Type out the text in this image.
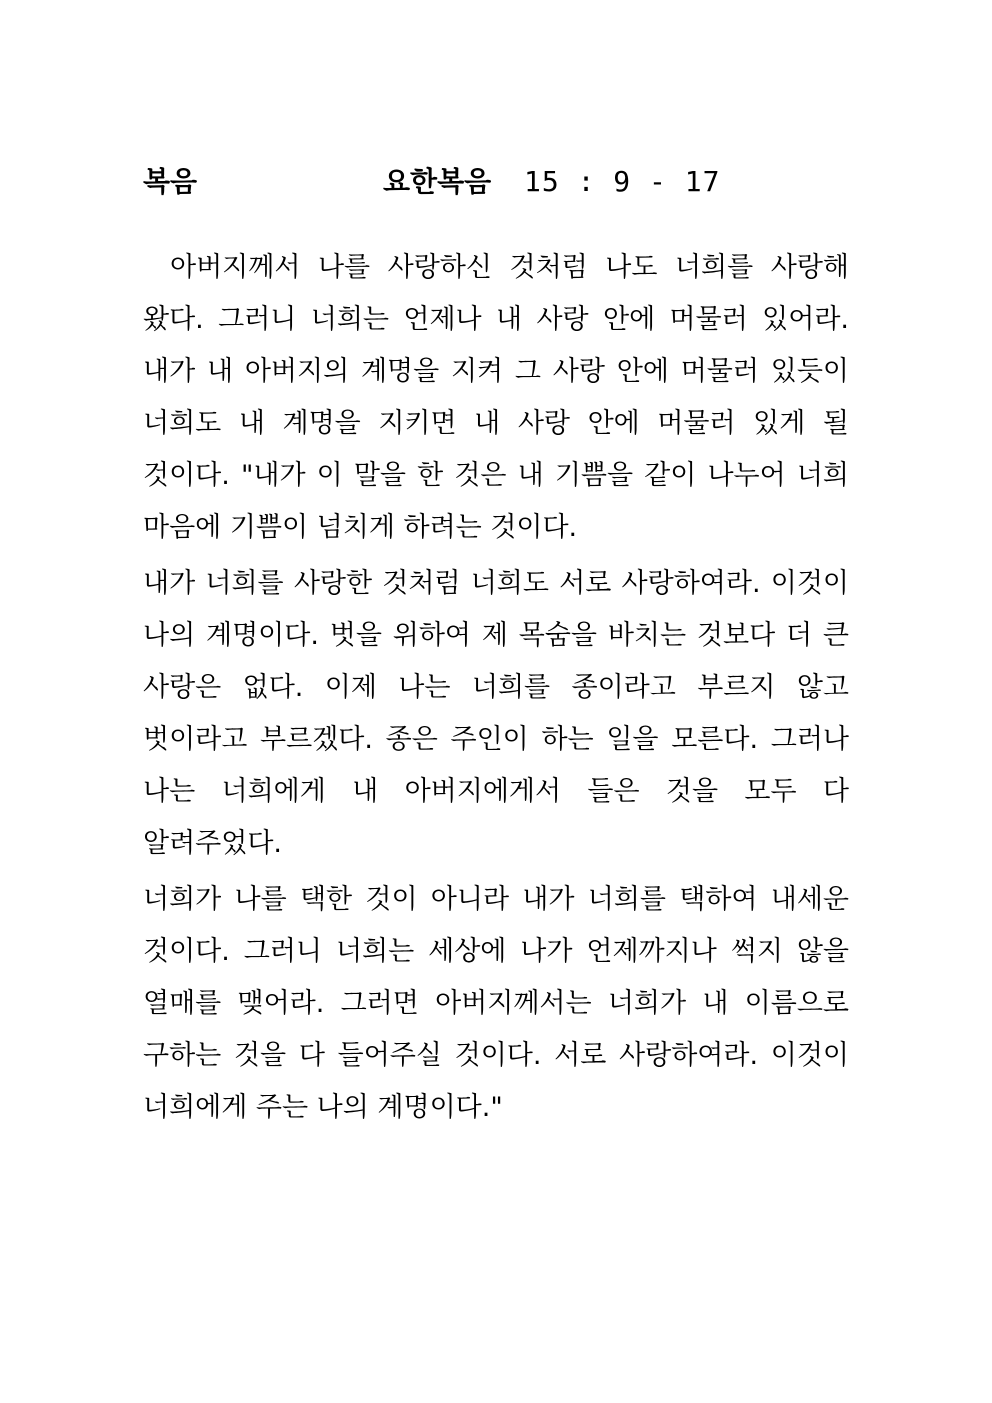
복음	요한복음 15 : 9 - 17

아버지께서 나를 사랑하신 것처럼 나도 너희를 사랑해 왔다. 그러니 너희는 언제나 내 사랑 안에 머물러 있어라. 내가 내 아버지의 계명을 지켜 그 사랑 안에 머물러 있듯이 너희도 내 계명을 지키면 내 사랑 안에 머물러 있게 될 것이다. "내가 이 말을 한 것은 내 기쁨을 같이 나누어 너희 마음에 기쁨이 넘치게 하려는 것이다.

내가 너희를 사랑한 것처럼 너희도 서로 사랑하여라. 이것이 나의 계명이다. 벗을 위하여 제 목숨을 바치는 것보다 더 큰 사랑은 없다. 이제 나는 너희를 종이라고 부르지 않고 벗이라고 부르겠다. 종은 주인이 하는 일을 모른다. 그러나 나는 너희에게 내 아버지에게서 들은 것을 모두 다 알려주었다.

너희가 나를 택한 것이 아니라 내가 너희를 택하여 내세운 것이다. 그러니 너희는 세상에 나가 언제까지나 썩지 않을 열매를 맺어라. 그러면 아버지께서는 너희가 내 이름으로 구하는 것을 다 들어주실 것이다. 서로 사랑하여라. 이것이 너희에게 주는 나의 계명이다."
